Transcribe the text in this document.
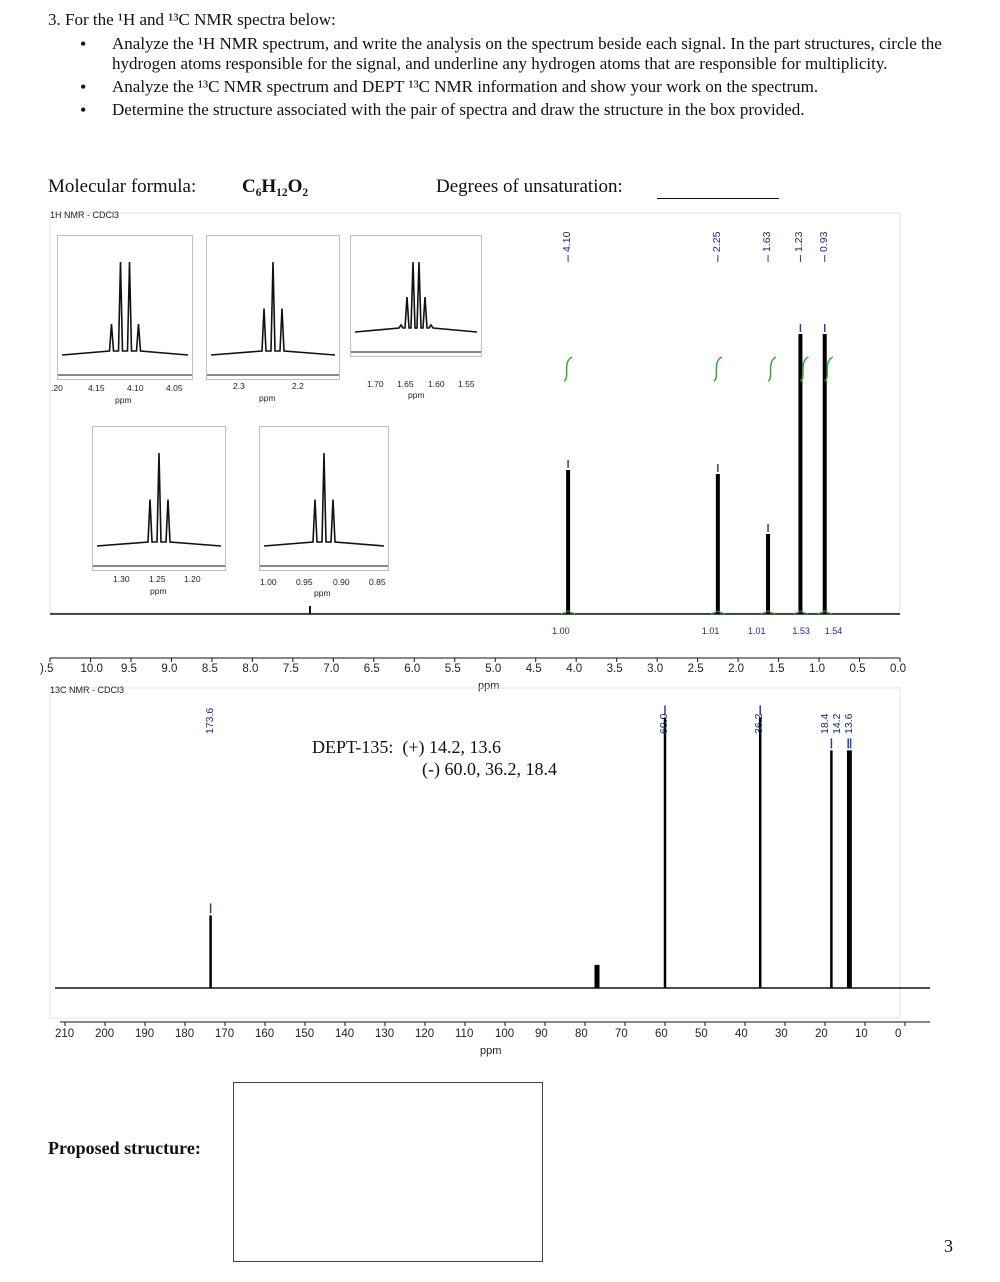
3. For the ¹H and ¹³C NMR spectra below:
• Analyze the ¹H NMR spectrum, and write the analysis on the spectrum beside each signal. In the part structures, circle the hydrogen atoms responsible for the signal, and underline any hydrogen atoms that are responsible for multiplicity.
• Analyze the ¹³C NMR spectrum and DEPT ¹³C NMR information and show your work on the spectrum.
• Determine the structure associated with the pair of spectra and draw the structure in the box provided.
Molecular formula: C₆H₁₂O₂	Degrees of unsaturation:
1H NMR - CDCl3
0.0
0.5
1.0
1.5
2.0
2.5
3.0
3.5
4.0
4.5
5.0
5.5
6.0
6.5
7.0
7.5
8.0
8.5
9.0
9.5
10.0
).5
ppm
4.10	2.25	1.63 1.23 0.93
1.00	1.01	1.01	1.53 1.54
.20	4.15	4.10	4.05
ppm
2.3	2.2
ppm
1.70 1.65 1.60 1.55
ppm
1.30 1.25 1.20
ppm
1.00 0.95 0.90 0.85
ppm
13C NMR - CDCl3
210 200 190 180 170 160 150 140 130 120 110 100 90 80 70 60 50 40 30 20 10 0
ppm
173.6	60.0	36.2	18.4 14.2 13.6
DEPT-135: (+) 14.2, 13.6
(-) 60.0, 36.2, 18.4
Proposed structure:
3
